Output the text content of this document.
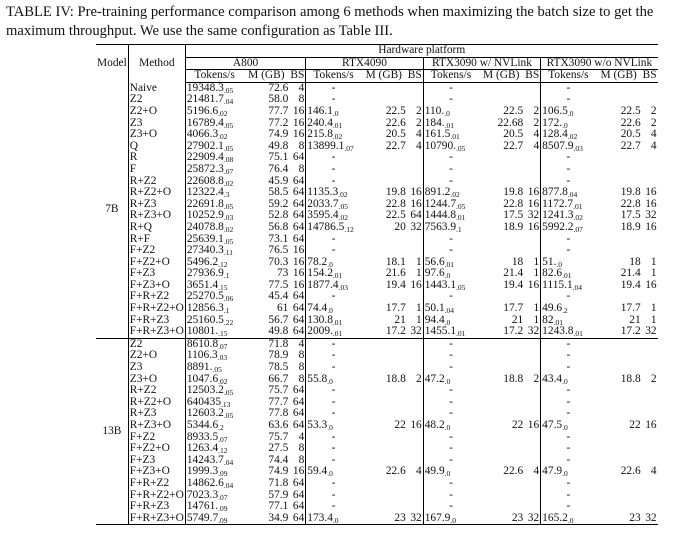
TABLE IV: Pre-training performance comparison among 6 methods when maximizing the batch size to get the maximum throughput. We use the same configuration as Table III.

Model	Method	Hardware platform											
		A800			RTX4090			RTX3090 w/ NVLink			RTX3090 w/o NVLink		
		Tokens/s	M (GB)	BS	Tokens/s	M (GB)	BS	Tokens/s	M (GB)	BS	Tokens/s	M (GB)	BS
7B	Naive	$19348.3_{.05}$	72.6	4	-			-			-		
	Z2	$21481.7_{.04}$	58.0	8	-			-			-		
	Z2+O	$5196.6_{.02}$	77.7	16	$146.1_{.0}$	22.5	2	$110._{.0}$	22.5	2	$106.5_{.0}$	22.5	2
	Z3	$16789.4_{.05}$	77.2	16	$240.4_{.01}$	22.6	2	$184._{.01}$	22.68	2	$172._{.0}$	22.6	2
	Z3+O	$4066.3_{.02}$	74.9	16	$215.8_{.02}$	20.5	4	$161.5_{.01}$	20.5	4	$128.4_{.02}$	20.5	4
	Q	$27902.1_{.05}$	49.8	8	$13899.1_{.07}$	22.7	4	$10790._{.05}$	22.7	4	$8507.9_{.03}$	22.7	4
	R	$22909.4_{.08}$	75.1	64	-			-			-		
	F	$25872.3_{.07}$	76.4	8	-			-			-		
	R+Z2	$22608.8_{.02}$	45.9	64	-			-			-		
	R+Z2+O	$12322.4_{.3}$	58.5	64	$1135.3_{.02}$	19.8	16	$891.2_{.02}$	19.8	16	$877.8_{.04}$	19.8	16
	R+Z3	$22691.8_{.05}$	59.2	64	$2033.7_{.05}$	22.8	16	$1244.7_{.05}$	22.8	16	$1172.7_{.01}$	22.8	16
	R+Z3+O	$10252.9_{.03}$	52.8	64	$3595.4_{.02}$	22.5	64	$1444.8_{.01}$	17.5	32	$1241.3_{.02}$	17.5	32
	R+Q	$24078.8_{.02}$	56.8	64	$14786.5_{.12}$	20	32	$7563.9_{.1}$	18.9	16	$5992.2_{.07}$	18.9	16
	R+F	$25639.1_{.05}$	73.1	64	-			-			-		
	F+Z2	$27340.3_{.11}$	76.5	16	-			-			-		
	F+Z2+O	$5496.2_{.12}$	70.3	16	$78.2_{.0}$	18.1	1	$56.6_{.01}$	18	1	$51._{.0}$	18	1
	F+Z3	$27936.9_{.1}$	73	16	$154.2_{.01}$	21.6	1	$97.6_{.0}$	21.4	1	$82.6_{.01}$	21.4	1
	F+Z3+O	$3651.4_{.15}$	77.5	16	$1877.4_{.03}$	19.4	16	$1443.1_{.05}$	19.4	16	$1115.1_{.04}$	19.4	16
	F+R+Z2	$25270.5_{.06}$	45.4	64	-			-			-		
	F+R+Z2+O	$12856.3_{.1}$	61	64	$74.4_{.0}$	17.7	1	$50.1_{.04}$	17.7	1	$49.6_{.2}$	17.7	1
	F+R+Z3	$25160.5_{.22}$	56.7	64	$130.8_{.01}$	21	1	$94.4_{.0}$	21	1	$82_{.01}$	21	1
	F+R+Z3+O	$10801._{.15}$	49.8	64	$2009._{.01}$	17.2	32	$1455.1_{.01}$	17.2	32	$1243.8_{.01}$	17.2	32
13B	Z2	$8610.8_{.07}$	71.8	4	-			-			-		
	Z2+O	$1106.3_{.03}$	78.9	8	-			-			-		
	Z3	$8891._{.05}$	78.5	8	-			-			-		
	Z3+O	$1047.6_{.02}$	66.7	8	$55.8_{.0}$	18.8	2	$47.2_{.0}$	18.8	2	$43.4_{.0}$	18.8	2
	R+Z2	$12503.2_{.05}$	75.7	64	-			-			-		
	R+Z2+O	$640435_{.13}$	77.7	64	-			-			-		
	R+Z3	$12603.2_{.05}$	77.8	64	-			-			-		
	R+Z3+O	$5344.6_{.2}$	63.6	64	$53.3_{.0}$	22	16	$48.2_{.0}$	22	16	$47.5_{.0}$	22	16
	F+Z2	$8933.5_{.07}$	75.7	4	-			-			-		
	F+Z2+O	$1263.4_{.12}$	27.5	8	-			-			-		
	F+Z3	$14243.7_{.04}$	74.4	8	-			-			-		
	F+Z3+O	$1999.3_{.09}$	74.9	16	$59.4_{.0}$	22.6	4	$49.9_{.0}$	22.6	4	$47.9_{.0}$	22.6	4
	F+R+Z2	$14862.6_{.04}$	71.8	64	-			-			-		
	F+R+Z2+O	$7023.3_{.07}$	57.9	64	-			-			-		
	F+R+Z3	$14761._{.09}$	77.1	64	-			-			-		
	F+R+Z3+O	$5749.7_{.09}$	34.9	64	$173.4_{.0}$	23	32	$167.9_{.0}$	23	32	$165.2_{.0}$	23	32
